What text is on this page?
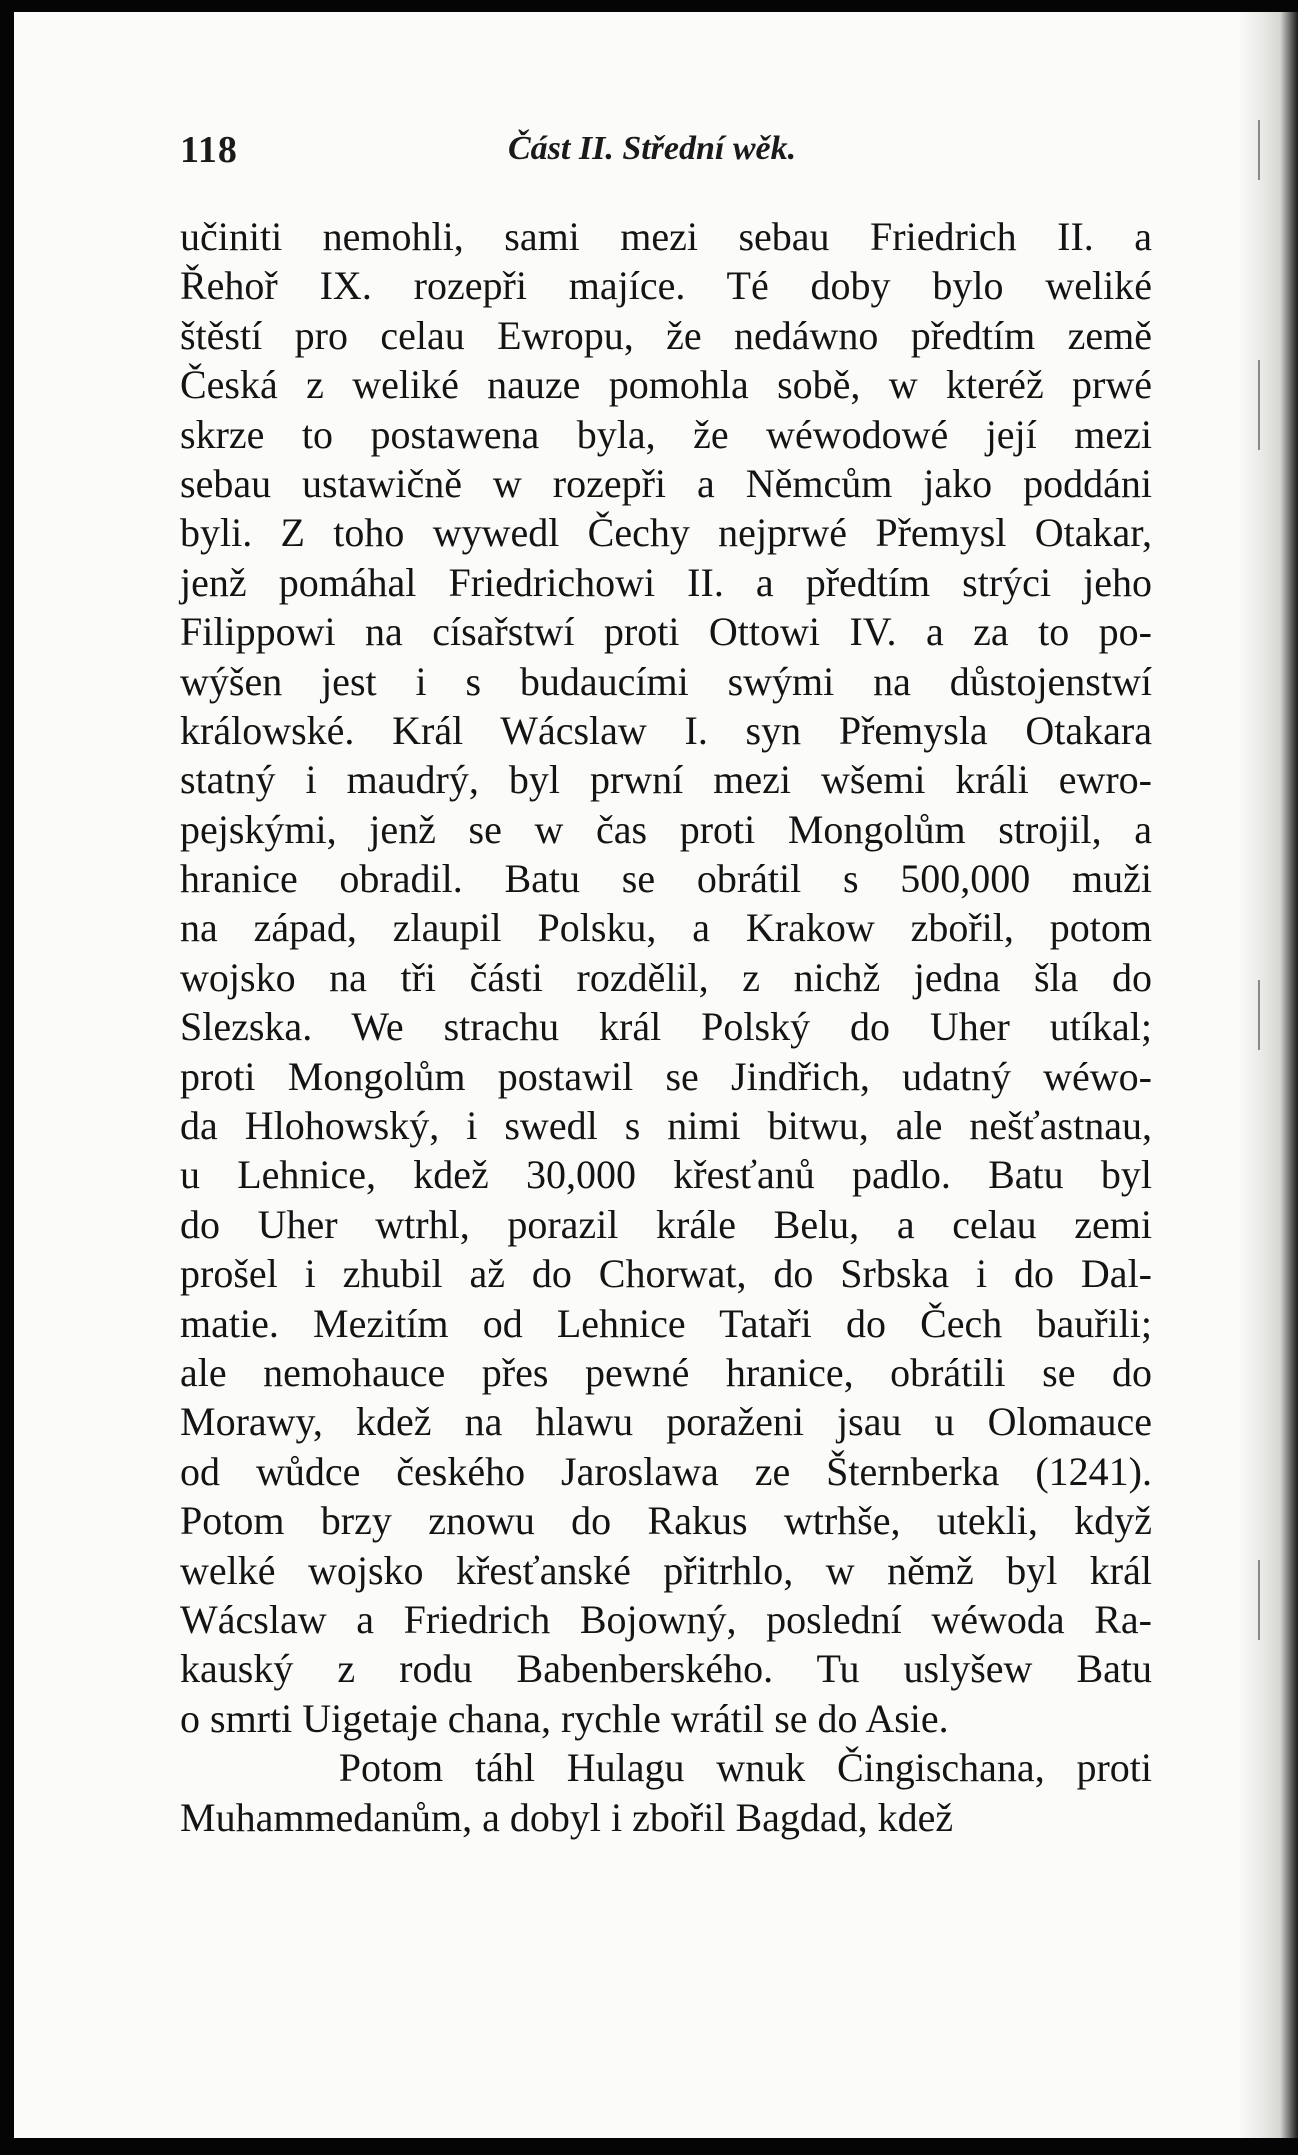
118	Část II. Střední wěk.
učiniti nemohli, sami mezi sebau Friedrich II. a
Řehoř IX. rozepři majíce. Té doby bylo weliké
štěstí pro celau Ewropu, že nedáwno předtím země
Česká z weliké nauze pomohla sobě, w kteréž prwé
skrze to postawena byla, že wéwodowé její mezi
sebau ustawičně w rozepři a Němcům jako poddáni
byli. Z toho wywedl Čechy nejprwé Přemysl Otakar,
jenž pomáhal Friedrichowi II. a předtím strýci jeho
Filippowi na císařstwí proti Ottowi IV. a za to po-
wýšen jest i s budaucími swými na důstojenstwí
králowské. Král Wácslaw I. syn Přemysla Otakara
statný i maudrý, byl prwní mezi wšemi králi ewro-
pejskými, jenž se w čas proti Mongolům strojil, a
hranice obradil. Batu se obrátil s 500,000 muži
na západ, zlaupil Polsku, a Krakow zbořil, potom
wojsko na tři části rozdělil, z nichž jedna šla do
Slezska. We strachu král Polský do Uher utíkal;
proti Mongolům postawil se Jindřich, udatný wéwo-
da Hlohowský, i swedl s nimi bitwu, ale nešťastnau,
u Lehnice, kdež 30,000 křesťanů padlo. Batu byl
do Uher wtrhl, porazil krále Belu, a celau zemi
prošel i zhubil až do Chorwat, do Srbska i do Dal-
matie. Mezitím od Lehnice Tataři do Čech bauřili;
ale nemohauce přes pewné hranice, obrátili se do
Morawy, kdež na hlawu poraženi jsau u Olomauce
od wůdce českého Jaroslawa ze Šternberka (1241).
Potom brzy znowu do Rakus wtrhše, utekli, když
welké wojsko křesťanské přitrhlo, w němž byl král
Wácslaw a Friedrich Bojowný, poslední wéwoda Ra-
kauský z rodu Babenberského. Tu uslyšew Batu
o smrti Uigetaje chana, rychle wrátil se do Asie.
Potom táhl Hulagu wnuk Čingischana, proti
Muhammedanům, a dobyl i zbořil Bagdad, kdež
